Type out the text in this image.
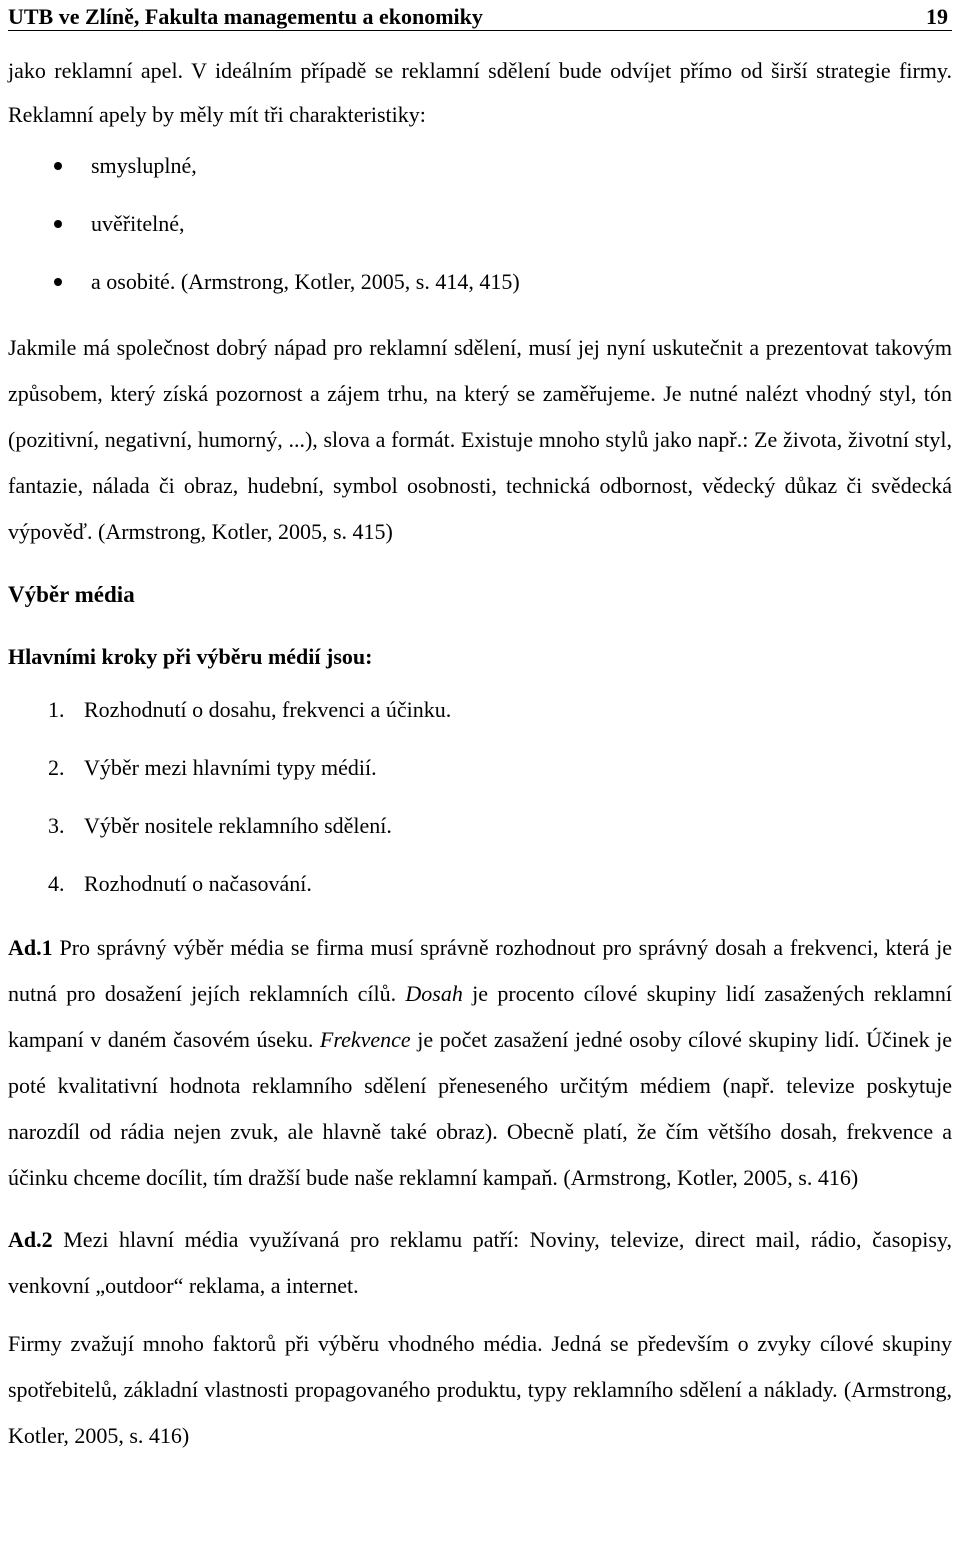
UTB ve Zlíně, Fakulta managementu a ekonomiky	19

jako reklamní apel. V ideálním případě se reklamní sdělení bude odvíjet přímo od širší strategie firmy. Reklamní apely by měly mít tři charakteristiky:

smysluplné,
uvěřitelné,
a osobité. (Armstrong, Kotler, 2005, s. 414, 415)

Jakmile má společnost dobrý nápad pro reklamní sdělení, musí jej nyní uskutečnit a prezentovat takovým způsobem, který získá pozornost a zájem trhu, na který se zaměřujeme. Je nutné nalézt vhodný styl, tón (pozitivní, negativní, humorný, ...), slova a formát. Existuje mnoho stylů jako např.: Ze života, životní styl, fantazie, nálada či obraz, hudební, symbol osobnosti, technická odbornost, vědecký důkaz či svědecká výpověď. (Armstrong, Kotler, 2005, s. 415)

Výběr média
Hlavními kroky při výběru médií jsou:
1. Rozhodnutí o dosahu, frekvenci a účinku.
2. Výběr mezi hlavními typy médií.
3. Výběr nositele reklamního sdělení.
4. Rozhodnutí o načasování.

Ad.1 Pro správný výběr média se firma musí správně rozhodnout pro správný dosah a frekvenci, která je nutná pro dosažení jejích reklamních cílů. Dosah je procento cílové skupiny lidí zasažených reklamní kampaní v daném časovém úseku. Frekvence je počet zasažení jedné osoby cílové skupiny lidí. Účinek je poté kvalitativní hodnota reklamního sdělení přeneseného určitým médiem (např. televize poskytuje narozdíl od rádia nejen zvuk, ale hlavně také obraz). Obecně platí, že čím většího dosah, frekvence a účinku chceme docílit, tím dražší bude naše reklamní kampaň. (Armstrong, Kotler, 2005, s. 416)

Ad.2 Mezi hlavní média využívaná pro reklamu patří: Noviny, televize, direct mail, rádio, časopisy, venkovní „outdoor“ reklama, a internet.

Firmy zvažují mnoho faktorů při výběru vhodného média. Jedná se především o zvyky cílové skupiny spotřebitelů, základní vlastnosti propagovaného produktu, typy reklamního sdělení a náklady. (Armstrong, Kotler, 2005, s. 416)
